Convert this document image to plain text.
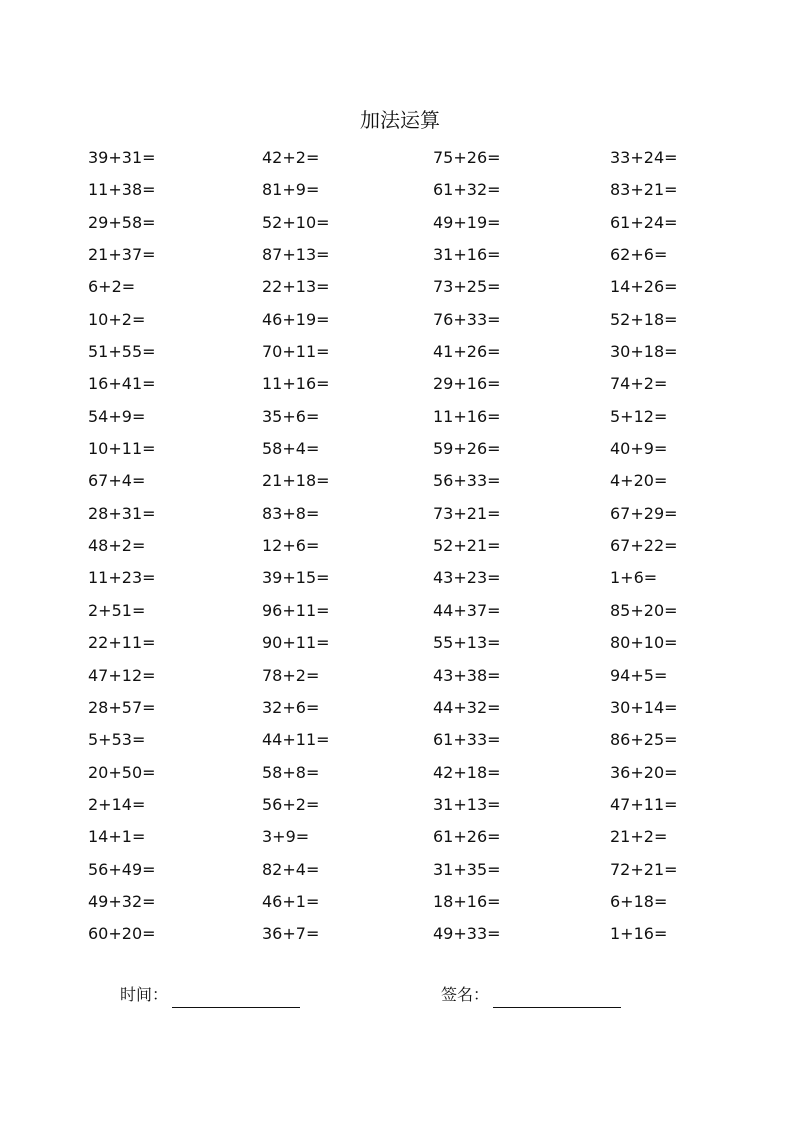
加法运算
39+31=	42+2=	75+26=	33+24=
11+38=	81+9=	61+32=	83+21=
29+58=	52+10=	49+19=	61+24=
21+37=	87+13=	31+16=	62+6=
6+2=	22+13=	73+25=	14+26=
10+2=	46+19=	76+33=	52+18=
51+55=	70+11=	41+26=	30+18=
16+41=	11+16=	29+16=	74+2=
54+9=	35+6=	11+16=	5+12=
10+11=	58+4=	59+26=	40+9=
67+4=	21+18=	56+33=	4+20=
28+31=	83+8=	73+21=	67+29=
48+2=	12+6=	52+21=	67+22=
11+23=	39+15=	43+23=	1+6=
2+51=	96+11=	44+37=	85+20=
22+11=	90+11=	55+13=	80+10=
47+12=	78+2=	43+38=	94+5=
28+57=	32+6=	44+32=	30+14=
5+53=	44+11=	61+33=	86+25=
20+50=	58+8=	42+18=	36+20=
2+14=	56+2=	31+13=	47+11=
14+1=	3+9=	61+26=	21+2=
56+49=	82+4=	31+35=	72+21=
49+32=	46+1=	18+16=	6+18=
60+20=	36+7=	49+33=	1+16=
时间：	签名：
